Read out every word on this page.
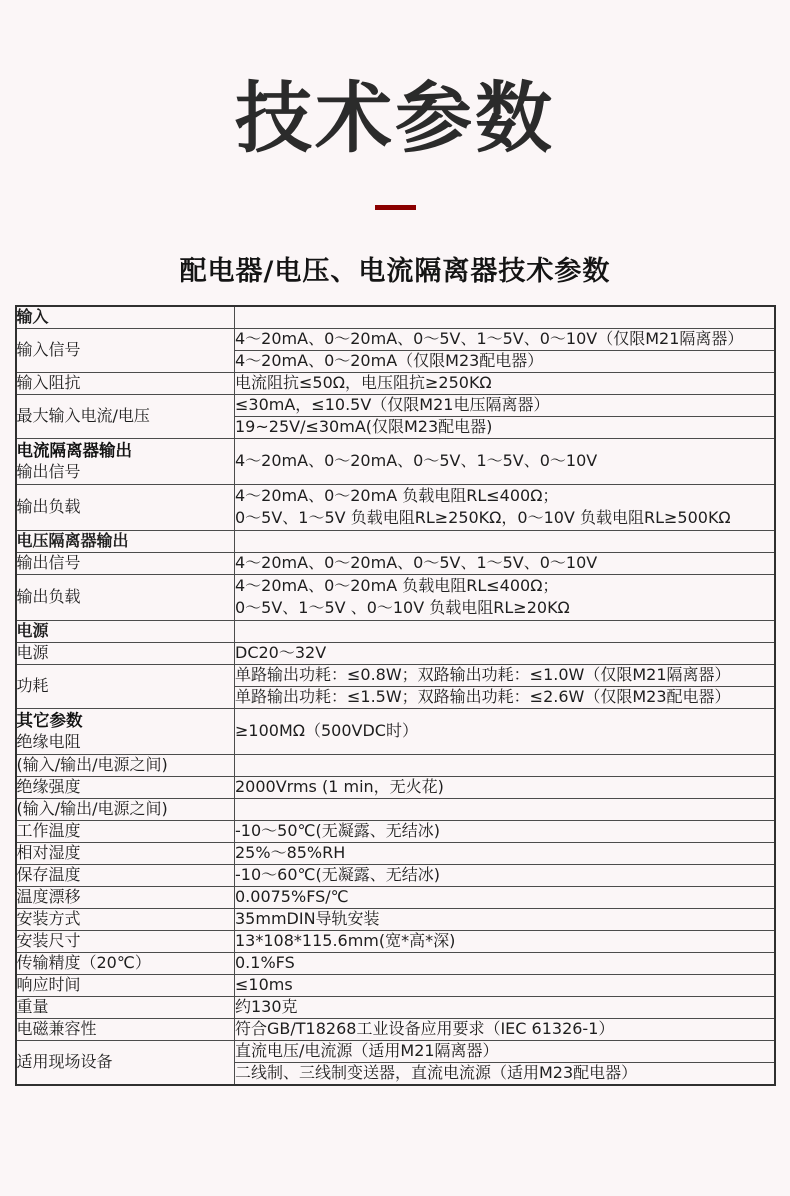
技术参数
配电器/电压、电流隔离器技术参数
输入	
输入信号	4～20mA、0～20mA、0～5V、1～5V、0～10V（仅限M21隔离器）
	4～20mA、0～20mA（仅限M23配电器）
输入阻抗	电流阻抗≤50Ω，电压阻抗≥250KΩ
最大输入电流/电压	≤30mA，≤10.5V（仅限M21电压隔离器）
	19~25V/≤30mA(仅限M23配电器)

电流隔离器输出
输出信号	4～20mA、0～20mA、0～5V、1～5V、0～10V
输出负载	4～20mA、0～20mA 负载电阻RL≤400Ω；
0～5V、1～5V 负载电阻RL≥250KΩ，0～10V 负载电阻RL≥500KΩ

电压隔离器输出	
输出信号	4～20mA、0～20mA、0～5V、1～5V、0～10V
输出负载	4～20mA、0～20mA 负载电阻RL≤400Ω；
0～5V、1～5V 、0～10V 负载电阻RL≥20KΩ

电源	
电源	DC20～32V
功耗	单路输出功耗：≤0.8W；双路输出功耗：≤1.0W（仅限M21隔离器）
	单路输出功耗：≤1.5W；双路输出功耗：≤2.6W（仅限M23配电器）

其它参数
绝缘电阻	≥100MΩ（500VDC时）
(输入/输出/电源之间)	
绝缘强度	2000Vrms (1 min，无火花)
(输入/输出/电源之间)	
工作温度	-10～50℃(无凝露、无结冰)
相对湿度	25%～85%RH
保存温度	-10～60℃(无凝露、无结冰)
温度漂移	0.0075%FS/℃
安装方式	35mmDIN导轨安装
安装尺寸	13*108*115.6mm(宽*高*深)
传输精度（20℃）	0.1%FS
响应时间	≤10ms
重量	约130克
电磁兼容性	符合GB/T18268工业设备应用要求（IEC 61326-1）
适用现场设备	直流电压/电流源（适用M21隔离器）
	二线制、三线制变送器，直流电流源（适用M23配电器）
